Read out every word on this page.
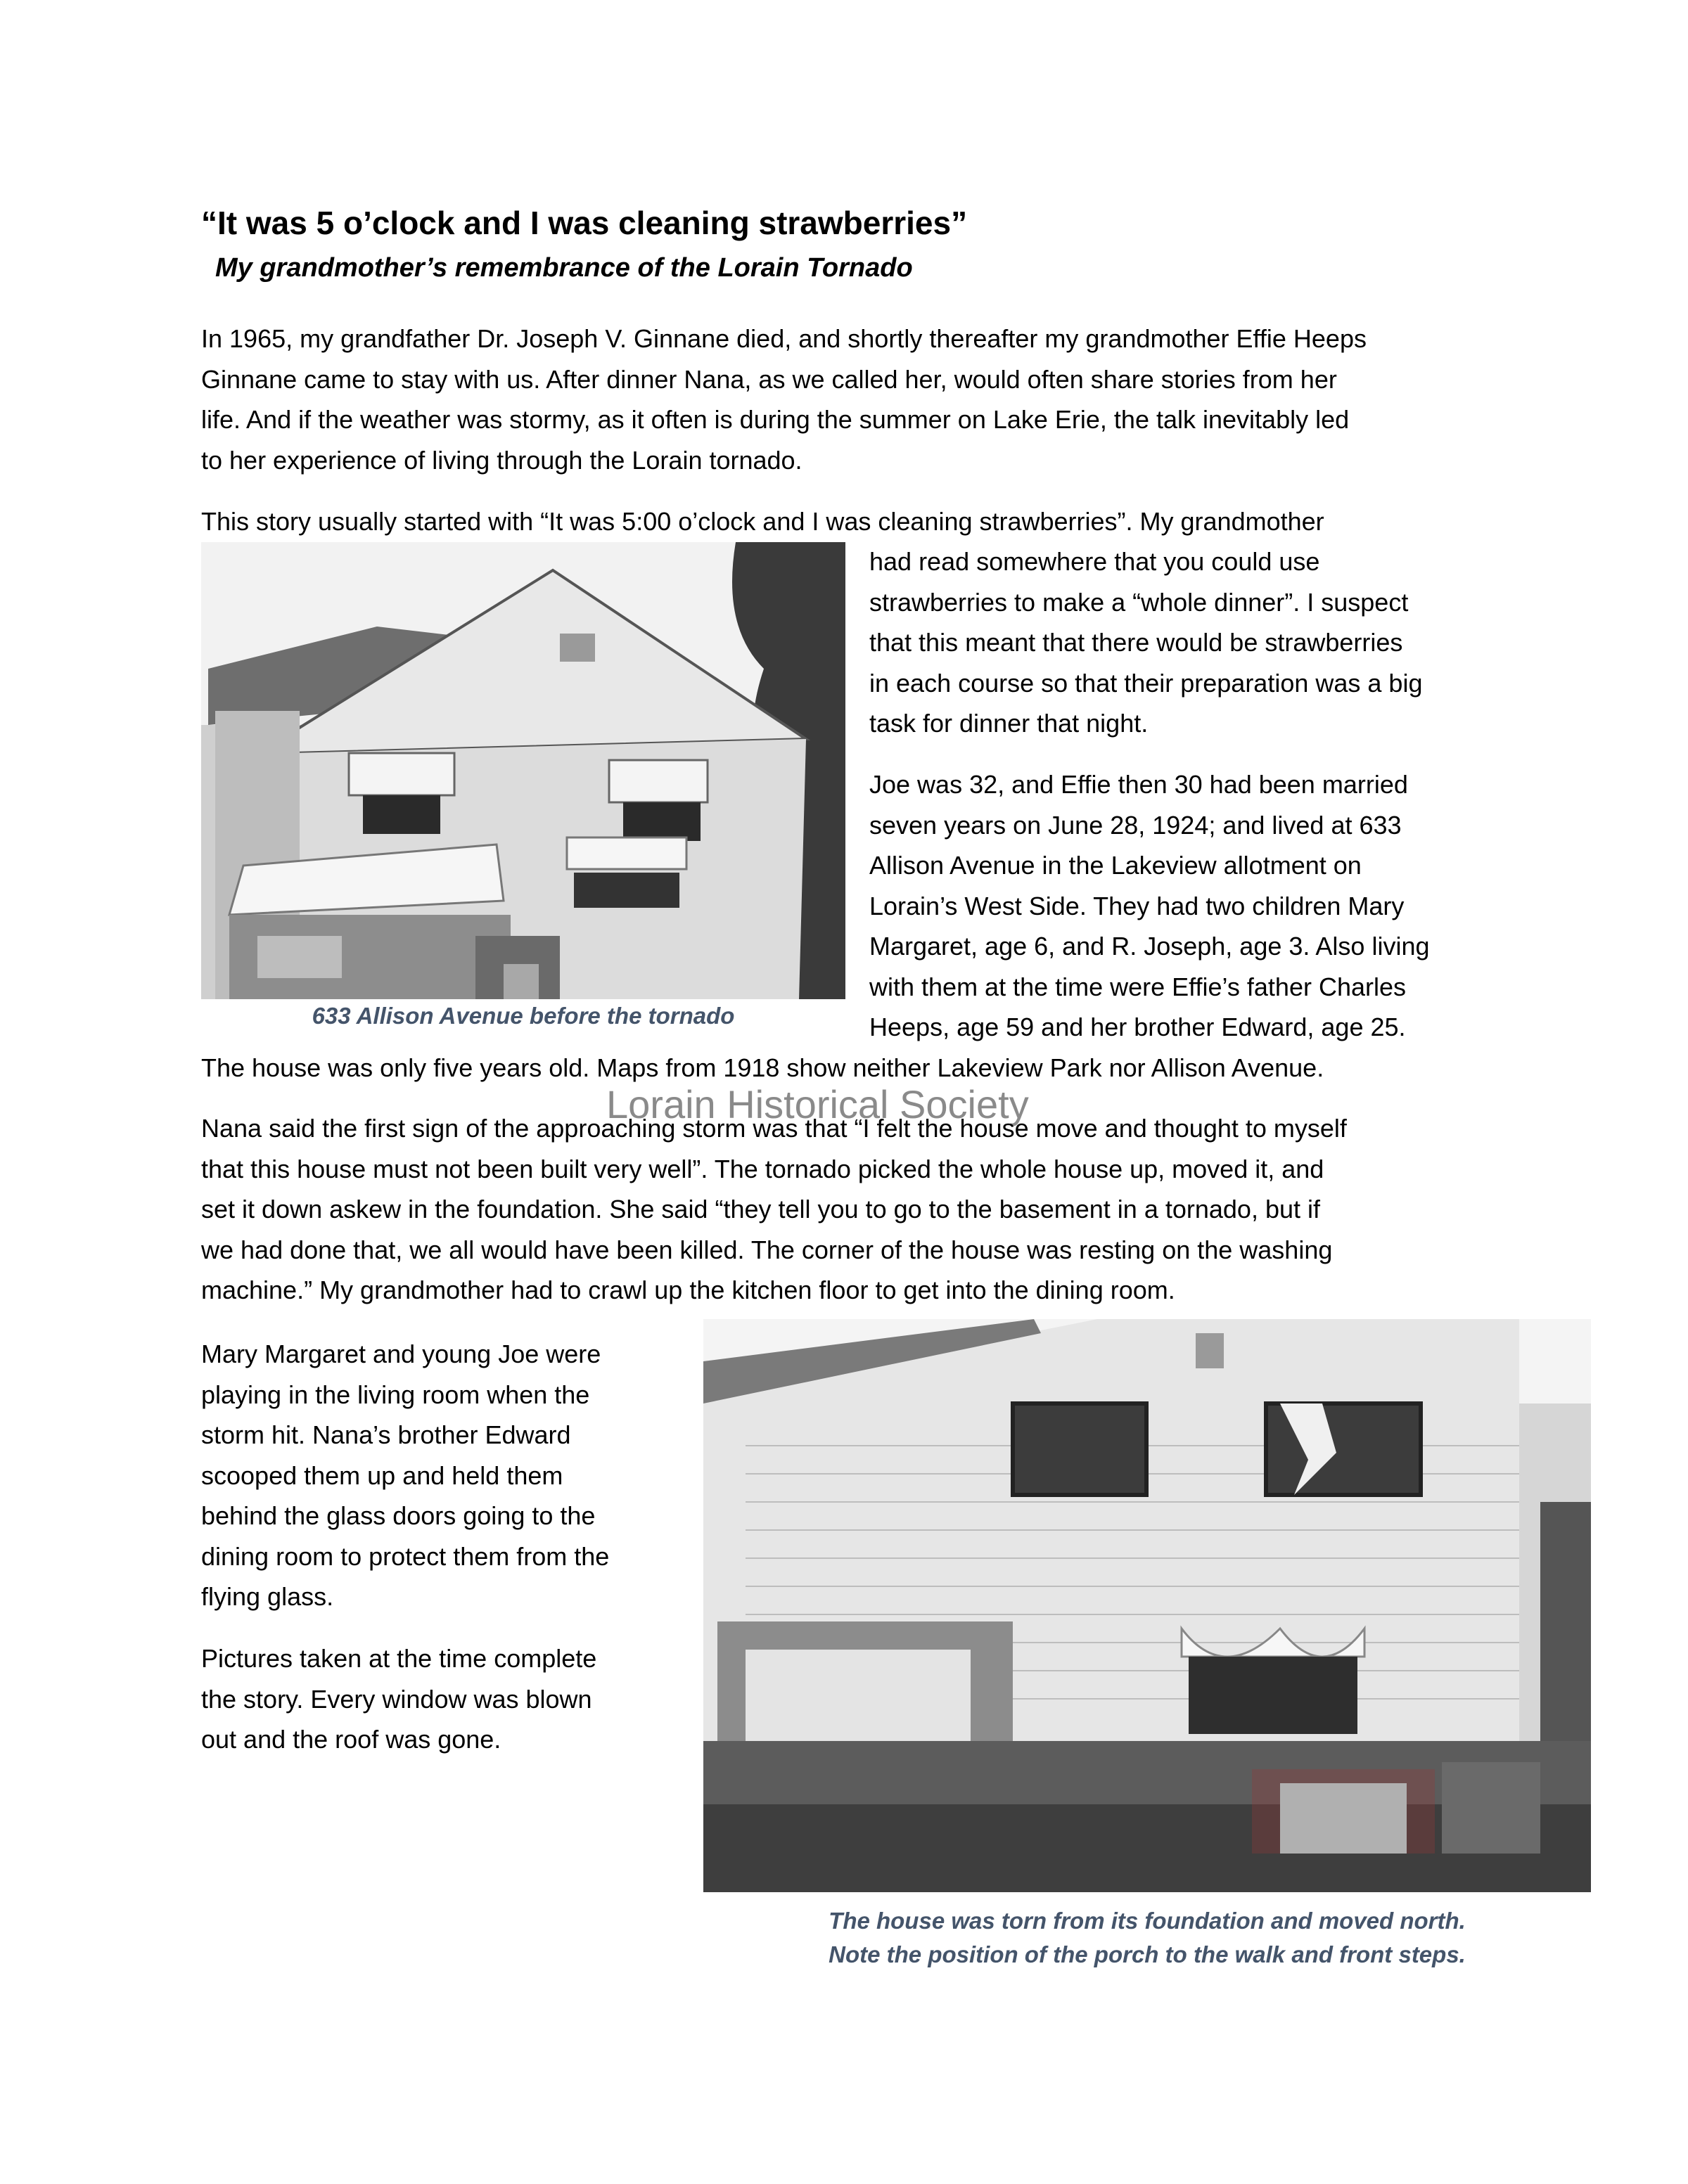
“It was 5 o’clock and I was cleaning strawberries”
My grandmother’s remembrance of the Lorain Tornado
In 1965, my grandfather Dr. Joseph V. Ginnane died, and shortly thereafter my grandmother Effie Heeps
Ginnane came to stay with us. After dinner Nana, as we called her, would often share stories from her
life. And if the weather was stormy, as it often is during the summer on Lake Erie, the talk inevitably led
to her experience of living through the Lorain tornado.
This story usually started with “It was 5:00 o’clock and I was cleaning strawberries”. My grandmother
had read somewhere that you could use
strawberries to make a “whole dinner”. I suspect
that this meant that there would be strawberries
in each course so that their preparation was a big
task for dinner that night.
Joe was 32, and Effie then 30 had been married
seven years on June 28, 1924; and lived at 633
Allison Avenue in the Lakeview allotment on
Lorain’s West Side. They had two children Mary
Margaret, age 6, and R. Joseph, age 3. Also living
with them at the time were Effie’s father Charles
Heeps, age 59 and her brother Edward, age 25.
The house was only five years old. Maps from 1918 show neither Lakeview Park nor Allison Avenue.
633 Allison Avenue before the tornado
Lorain Historical Society
Nana said the first sign of the approaching storm was that “I felt the house move and thought to myself
that this house must not been built very well”. The tornado picked the whole house up, moved it, and
set it down askew in the foundation. She said “they tell you to go to the basement in a tornado, but if
we had done that, we all would have been killed. The corner of the house was resting on the washing
machine.” My grandmother had to crawl up the kitchen floor to get into the dining room.
Mary Margaret and young Joe were
playing in the living room when the
storm hit. Nana’s brother Edward
scooped them up and held them
behind the glass doors going to the
dining room to protect them from the
flying glass.
Pictures taken at the time complete
the story. Every window was blown
out and the roof was gone.
The house was torn from its foundation and moved north.
Note the position of the porch to the walk and front steps.
